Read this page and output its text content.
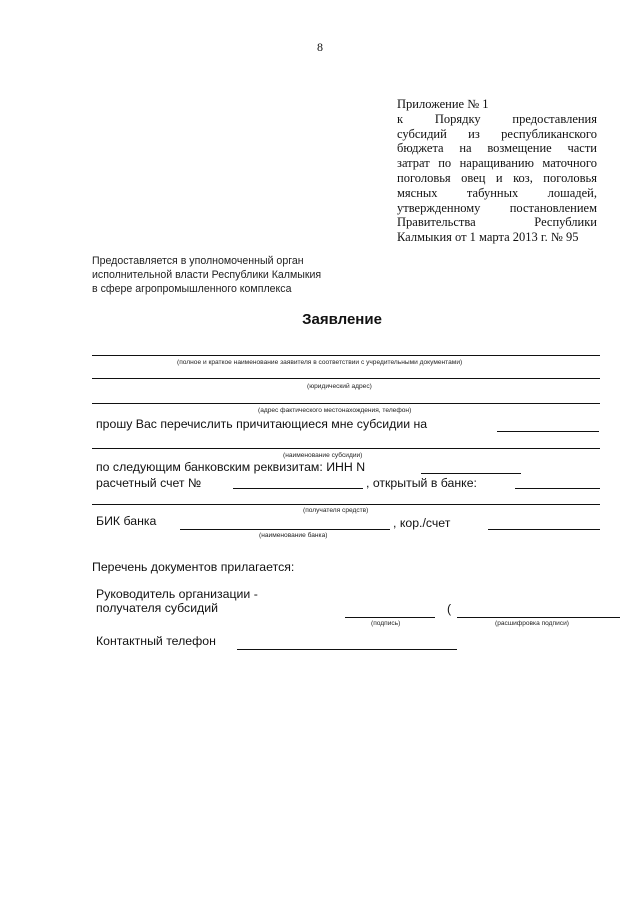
8
Приложение № 1
к Порядку предоставления
субсидий из республиканского
бюджета на возмещение части
затрат по наращиванию маточного
поголовья овец и коз, поголовья
мясных табунных лошадей,
утвержденному постановлением
Правительства Республики
Калмыкия от 1 марта 2013 г. № 95
Предоставляется в уполномоченный орган
исполнительной власти Республики Калмыкия
в сфере агропромышленного комплекса
Заявление
(полное и краткое наименование заявителя в соответствии с учредительными документами)
(юридический адрес)
(адрес фактического местонахождения, телефон)
прошу Вас перечислить причитающиеся мне субсидии на
(наименование субсидии)
по следующим банковским реквизитам: ИНН N
расчетный счет №	, открытый в банке:
(получателя средств)
БИК банка	, кор./счет
(наименование банка)
Перечень документов прилагается:
Руководитель организации -
получателя субсидий	(
(подпись)	(расшифровка подписи)
Контактный телефон
